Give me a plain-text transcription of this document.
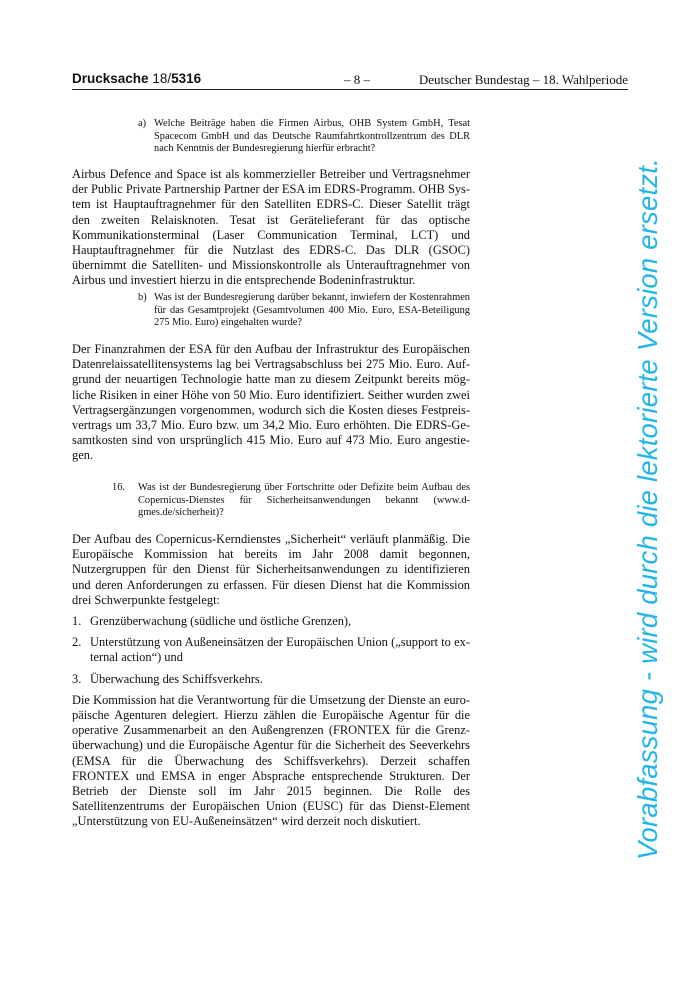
Drucksache 18/5316	– 8 –	Deutscher Bundestag – 18. Wahlperiode
a) Welche Beiträge haben die Firmen Airbus, OHB System GmbH, Tesat Spacecom GmbH und das Deutsche Raumfahrtkontrollzentrum des DLR nach Kenntnis der Bundesregierung hierfür erbracht?

Airbus Defence and Space ist als kommerzieller Betreiber und Vertragsnehmer der Public Private Partnership Partner der ESA im EDRS-Programm. OHB System ist Hauptauftragnehmer für den Satelliten EDRS-C. Dieser Satellit trägt den zweiten Relaisknoten. Tesat ist Gerätelieferant für das optische Kommunikationsterminal (Laser Communication Terminal, LCT) und Hauptauftragnehmer für die Nutzlast des EDRS-C. Das DLR (GSOC) übernimmt die Satelliten- und Missionskontrolle als Unterauftragnehmer von Airbus und investiert hierzu in die entsprechende Bodeninfrastruktur.

b) Was ist der Bundesregierung darüber bekannt, inwiefern der Kostenrahmen für das Gesamtprojekt (Gesamtvolumen 400 Mio. Euro, ESA-Beteiligung 275 Mio. Euro) eingehalten wurde?

Der Finanzrahmen der ESA für den Aufbau der Infrastruktur des Europäischen Datenrelaissatellitensystems lag bei Vertragsabschluss bei 275 Mio. Euro. Aufgrund der neuartigen Technologie hatte man zu diesem Zeitpunkt bereits mögliche Risiken in einer Höhe von 50 Mio. Euro identifiziert. Seither wurden zwei Vertragsergänzungen vorgenommen, wodurch sich die Kosten dieses Festpreisvertrags um 33,7 Mio. Euro bzw. um 34,2 Mio. Euro erhöhten. Die EDRS-Gesamtkosten sind von ursprünglich 415 Mio. Euro auf 473 Mio. Euro angestiegen.

16. Was ist der Bundesregierung über Fortschritte oder Defizite beim Aufbau des Copernicus-Dienstes für Sicherheitsanwendungen bekannt (www.dgmes.de/sicherheit)?

Der Aufbau des Copernicus-Kerndienstes „Sicherheit“ verläuft planmäßig. Die Europäische Kommission hat bereits im Jahr 2008 damit begonnen, Nutzergruppen für den Dienst für Sicherheitsanwendungen zu identifizieren und deren Anforderungen zu erfassen. Für diesen Dienst hat die Kommission drei Schwerpunkte festgelegt:

1. Grenzüberwachung (südliche und östliche Grenzen),
2. Unterstützung von Außeneinsätzen der Europäischen Union („support to external action“) und
3. Überwachung des Schiffsverkehrs.

Die Kommission hat die Verantwortung für die Umsetzung der Dienste an europäische Agenturen delegiert. Hierzu zählen die Europäische Agentur für die operative Zusammenarbeit an den Außengrenzen (FRONTEX für die Grenzüberwachung) und die Europäische Agentur für die Sicherheit des Seeverkehrs (EMSA für die Überwachung des Schiffsverkehrs). Derzeit schaffen FRONTEX und EMSA in enger Absprache entsprechende Strukturen. Der Betrieb der Dienste soll im Jahr 2015 beginnen. Die Rolle des Satellitenzentrums der Europäischen Union (EUSC) für das Dienst-Element „Unterstützung von EU-Außeneinsätzen“ wird derzeit noch diskutiert.	Vorabfassung - wird durch die lektorierte Version ersetzt.
